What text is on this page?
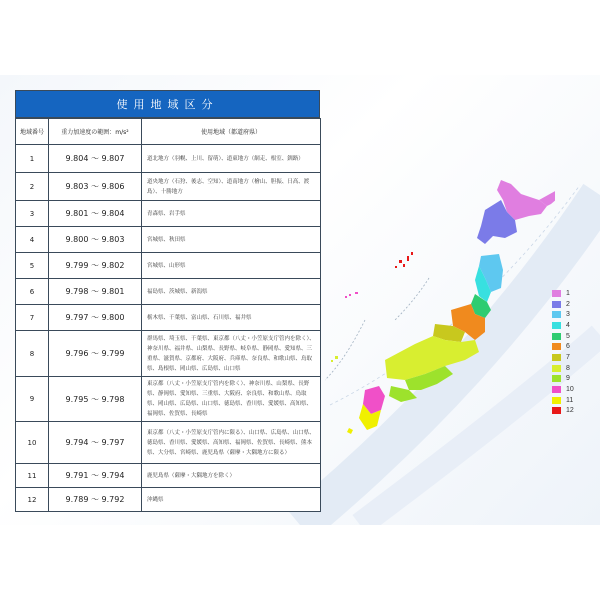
使用地域区分
地域番号	重力加速度の範囲：m/s²	使用地域（都道府県）
1	9.804 ～ 9.807	道北地方（羽幌、上川、留萌）、道東地方（網走、根室、釧路）
2	9.803 ～ 9.806	道央地方（石狩、後志、空知）、道南地方（檜山、胆振、日高、渡島）、十勝地方
3	9.801 ～ 9.804	青森県、岩手県
4	9.800 ～ 9.803	宮城県、秋田県
5	9.799 ～ 9.802	宮城県、山形県
6	9.798 ～ 9.801	福島県、茨城県、新潟県
7	9.797 ～ 9.800	栃木県、千葉県、富山県、石川県、福井県
8	9.796 ～ 9.799	群馬県、埼玉県、千葉県、東京都（八丈・小笠原支庁管内を除く）、神奈川県、福井県、山梨県、長野県、岐阜県、静岡県、愛知県、三重県、滋賀県、京都府、大阪府、兵庫県、奈良県、和歌山県、鳥取県、島根県、岡山県、広島県、山口県
9	9.795 ～ 9.798	東京都（八丈・小笠原支庁管内を除く）、神奈川県、山梨県、長野県、静岡県、愛知県、三重県、大阪府、奈良県、和歌山県、鳥取県、岡山県、広島県、山口県、徳島県、香川県、愛媛県、高知県、福岡県、佐賀県、長崎県
10	9.794 ～ 9.797	東京都（八丈・小笠原支庁管内に限る）、山口県、広島県、山口県、徳島県、香川県、愛媛県、高知県、福岡県、佐賀県、長崎県、熊本県、大分県、宮崎県、鹿児島県（薩摩・大隅地方に限る）
11	9.791 ～ 9.794	鹿児島県（薩摩・大隅地方を除く）
12	9.789 ～ 9.792	沖縄県
1
2
3
4
5
6
7
8
9
10
11
12
